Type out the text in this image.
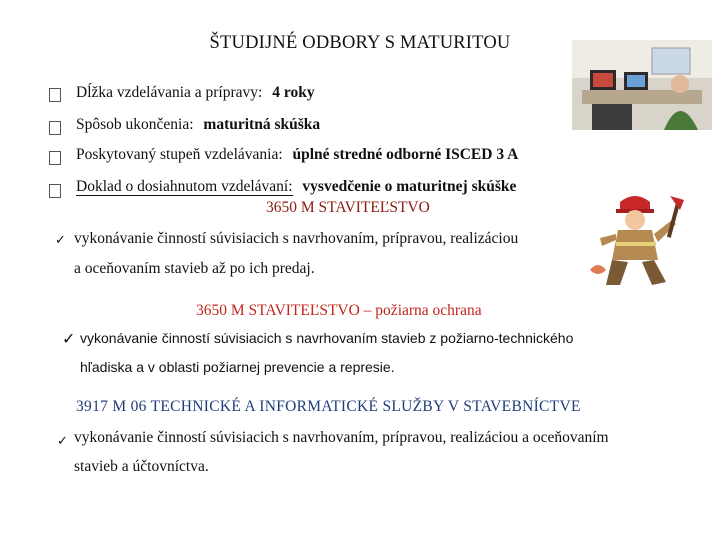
ŠTUDIJNÉ ODBORY S MATURITOU
Dĺžka vzdelávania a prípravy: 4 roky
Spôsob ukončenia: maturitná skúška
Poskytovaný stupeň vzdelávania: úplné stredné odborné ISCED 3 A
Doklad o dosiahnutom vzdelávaní: vysvedčenie o maturitnej skúške
3650 M STAVITEĽSTVO
✓ vykonávanie činností súvisiacich s navrhovaním, prípravou, realizáciou
a oceňovaním stavieb až po ich predaj.
3650 M STAVITEĽSTVO – požiarna ochrana
✓ vykonávanie činností súvisiacich s navrhovaním stavieb z požiarno-technického
hľadiska a v oblasti požiarnej prevencie a represie.
3917 M 06 TECHNICKÉ A INFORMATICKÉ SLUŽBY V STAVEBNÍCTVE
✓ vykonávanie činností súvisiacich s navrhovaním, prípravou, realizáciou a oceňovaním
stavieb a účtovníctva.
